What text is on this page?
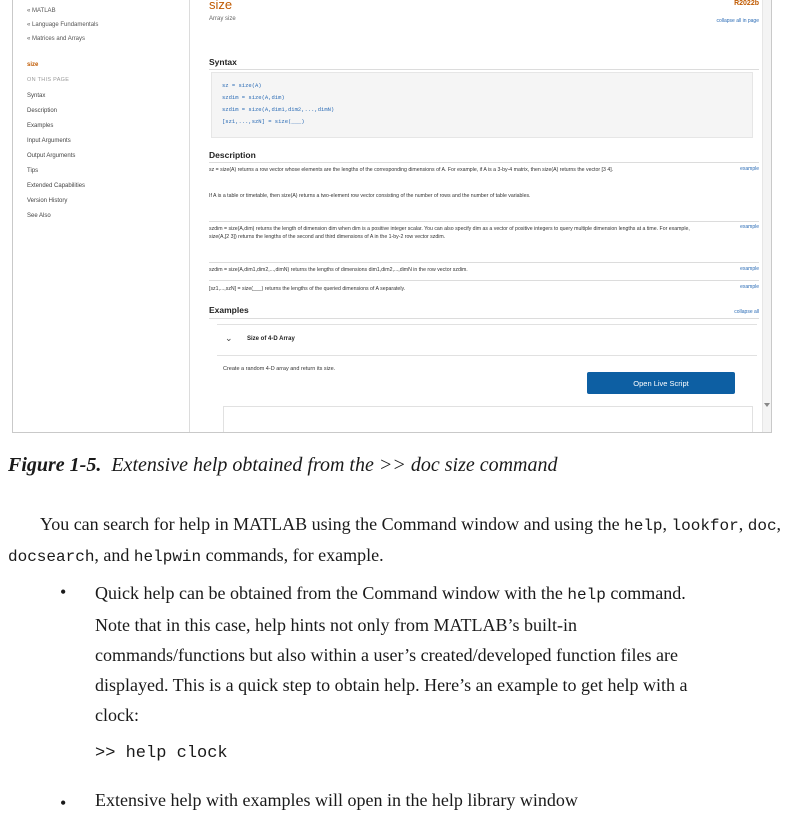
« MATLAB
« Language Fundamentals
« Matrices and Arrays
size
ON THIS PAGE
Syntax
Description
Examples
Input Arguments
Output Arguments
Tips
Extended Capabilities
Version History
See Also
size
Array size
R2022b
collapse all in page
Syntax
sz = size(A)
szdim = size(A,dim)
szdim = size(A,dim1,dim2,...,dimN)
[sz1,...,szN] = size(___)
Description
sz = size(A) returns a row vector whose elements are the lengths of the corresponding dimensions of A. For example, if A is a 3-by-4 matrix, then size(A) returns the vector [3 4].	example
If A is a table or timetable, then size(A) returns a two-element row vector consisting of the number of rows and the number of table variables.
szdim = size(A,dim) returns the length of dimension dim when dim is a positive integer scalar. You can also specify dim as a vector of positive integers to query multiple dimension lengths at a time. For example, size(A,[2 3]) returns the lengths of the second and third dimensions of A in the 1-by-2 row vector szdim.
example
szdim = size(A,dim1,dim2,...,dimN) returns the lengths of dimensions dim1,dim2,...,dimN in the row vector szdim.	example
[sz1,...,szN] = size(___) returns the lengths of the queried dimensions of A separately.	example
Examples	collapse all
⌄ Size of 4-D Array
Create a random 4-D array and return its size.
Open Live Script
Figure 1-5. Extensive help obtained from the >> doc size command
You can search for help in MATLAB using the Command window and using the help, lookfor, doc, docsearch, and helpwin commands, for example.
• Quick help can be obtained from the Command window with the help command. Note that in this case, help hints not only from MATLAB’s built-in commands/functions but also within a user’s created/developed function files are displayed. This is a quick step to obtain help. Here’s an example to get help with a clock:
>> help clock
• Extensive help with examples will open in the help library window
